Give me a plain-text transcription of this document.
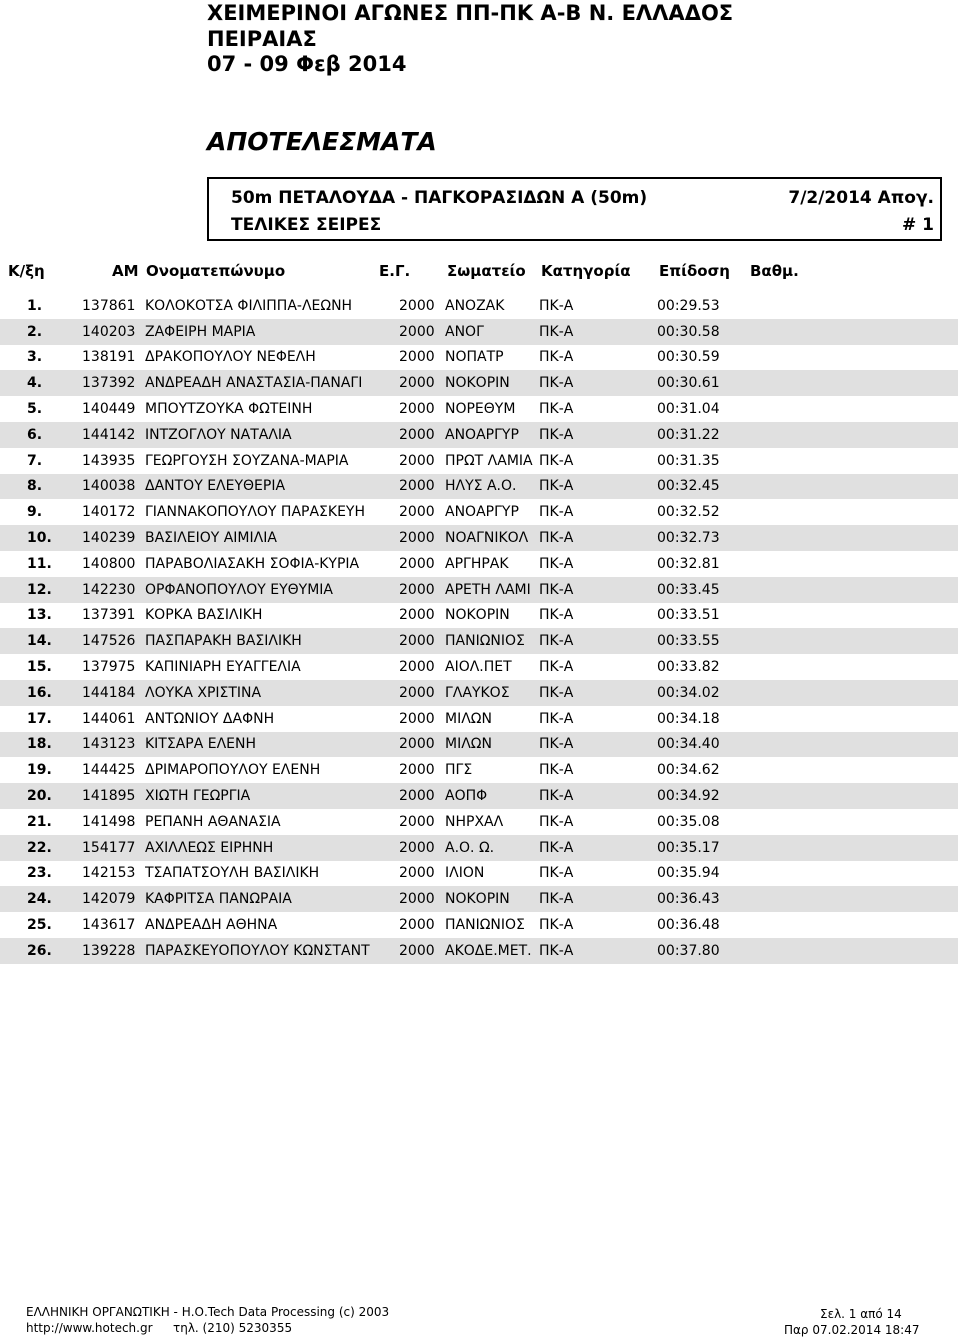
ΧΕΙΜΕΡΙΝΟΙ ΑΓΩΝΕΣ ΠΠ-ΠΚ Α-Β Ν. ΕΛΛΑΔΟΣ
ΠΕΙΡΑΙΑΣ
07 - 09 Φεβ 2014
ΑΠΟΤΕΛΕΣΜΑΤΑ
50m ΠΕΤΑΛΟΥΔΑ - ΠΑΓΚΟΡΑΣΙΔΩΝ Α (50m)
ΤΕΛΙΚΕΣ ΣΕΙΡΕΣ
7/2/2014 Απογ.
# 1
Κ/ξη	ΑΜ Ονοματεπώνυμο	Ε.Γ. Σωματείο Κατηγορία Επίδοση Βαθμ.
1.	137861	ΚΟΛΟΚΟΤΣΑ ΦΙΛΙΠΠΑ-ΛΕΩΝΗ	2000	ΑΝΟΖΑΚ	ΠΚ-Α	00:29.53
2.	140203	ΖΑΦΕΙΡΗ ΜΑΡΙΑ	2000	ΑΝΟΓ	ΠΚ-Α	00:30.58
3.	138191	ΔΡΑΚΟΠΟΥΛΟΥ ΝΕΦΕΛΗ	2000	ΝΟΠΑΤΡ	ΠΚ-Α	00:30.59
4.	137392	ΑΝΔΡΕΑΔΗ ΑΝΑΣΤΑΣΙΑ-ΠΑΝΑΓΙ	2000	ΝΟΚΟΡΙΝ	ΠΚ-Α	00:30.61
5.	140449	ΜΠΟΥΤΖΟΥΚΑ ΦΩΤΕΙΝΗ	2000	ΝΟΡΕΘΥΜ	ΠΚ-Α	00:31.04
6.	144142	ΙΝΤΖΟΓΛΟΥ ΝΑΤΑΛΙΑ	2000	ΑΝΟΑΡΓΥΡ	ΠΚ-Α	00:31.22
7.	143935	ΓΕΩΡΓΟΥΣΗ ΣΟΥΖΑΝΑ-ΜΑΡΙΑ	2000	ΠΡΩΤ ΛΑΜΙΑ	ΠΚ-Α	00:31.35
8.	140038	ΔΑΝΤΟΥ ΕΛΕΥΘΕΡΙΑ	2000	ΗΛΥΣ Α.Ο.	ΠΚ-Α	00:32.45
9.	140172	ΓΙΑΝΝΑΚΟΠΟΥΛΟΥ ΠΑΡΑΣΚΕΥΗ	2000	ΑΝΟΑΡΓΥΡ	ΠΚ-Α	00:32.52
10.	140239	ΒΑΣΙΛΕΙΟΥ ΑΙΜΙΛΙΑ	2000	ΝΟΑΓΝΙΚΟΛ	ΠΚ-Α	00:32.73
11.	140800	ΠΑΡΑΒΟΛΙΑΣΑΚΗ ΣΟΦΙΑ-ΚΥΡΙΑ	2000	ΑΡΓΗΡΑΚ	ΠΚ-Α	00:32.81
12.	142230	ΟΡΦΑΝΟΠΟΥΛΟΥ ΕΥΘΥΜΙΑ	2000	ΑΡΕΤΗ ΛΑΜΙ	ΠΚ-Α	00:33.45
13.	137391	ΚΟΡΚΑ ΒΑΣΙΛΙΚΗ	2000	ΝΟΚΟΡΙΝ	ΠΚ-Α	00:33.51
14.	147526	ΠΑΣΠΑΡΑΚΗ ΒΑΣΙΛΙΚΗ	2000	ΠΑΝΙΩΝΙΟΣ	ΠΚ-Α	00:33.55
15.	137975	ΚΑΠΙΝΙΑΡΗ ΕΥΑΓΓΕΛΙΑ	2000	ΑΙΟΛ.ΠΕΤ	ΠΚ-Α	00:33.82
16.	144184	ΛΟΥΚΑ ΧΡΙΣΤΙΝΑ	2000	ΓΛΑΥΚΟΣ	ΠΚ-Α	00:34.02
17.	144061	ΑΝΤΩΝΙΟΥ ΔΑΦΝΗ	2000	ΜΙΛΩΝ	ΠΚ-Α	00:34.18
18.	143123	ΚΙΤΣΑΡΑ ΕΛΕΝΗ	2000	ΜΙΛΩΝ	ΠΚ-Α	00:34.40
19.	144425	ΔΡΙΜΑΡΟΠΟΥΛΟΥ ΕΛΕΝΗ	2000	ΠΓΣ	ΠΚ-Α	00:34.62
20.	141895	ΧΙΩΤΗ ΓΕΩΡΓΙΑ	2000	ΑΟΠΦ	ΠΚ-Α	00:34.92
21.	141498	ΡΕΠΑΝΗ ΑΘΑΝΑΣΙΑ	2000	ΝΗΡΧΑΛ	ΠΚ-Α	00:35.08
22.	154177	ΑΧΙΛΛΕΩΣ ΕΙΡΗΝΗ	2000	Α.Ο. Ω.	ΠΚ-Α	00:35.17
23.	142153	ΤΣΑΠΑΤΣΟΥΛΗ ΒΑΣΙΛΙΚΗ	2000	ΙΛΙΟΝ	ΠΚ-Α	00:35.94
24.	142079	ΚΑΦΡΙΤΣΑ ΠΑΝΩΡΑΙΑ	2000	ΝΟΚΟΡΙΝ	ΠΚ-Α	00:36.43
25.	143617	ΑΝΔΡΕΑΔΗ ΑΘΗΝΑ	2000	ΠΑΝΙΩΝΙΟΣ	ΠΚ-Α	00:36.48
26.	139228	ΠΑΡΑΣΚΕΥΟΠΟΥΛΟΥ ΚΩΝΣΤΑΝΤ	2000	ΑΚΟΔΕ.ΜΕΤ.	ΠΚ-Α	00:37.80
ΕΛΛΗΝΙΚΗ ΟΡΓΑΝΩΤΙΚΗ - Η.Ο.Tech Data Processing (c) 2003
http://www.hotech.gr τηλ. (210) 5230355
Σελ. 1 από 14
Παρ 07.02.2014 18:47
